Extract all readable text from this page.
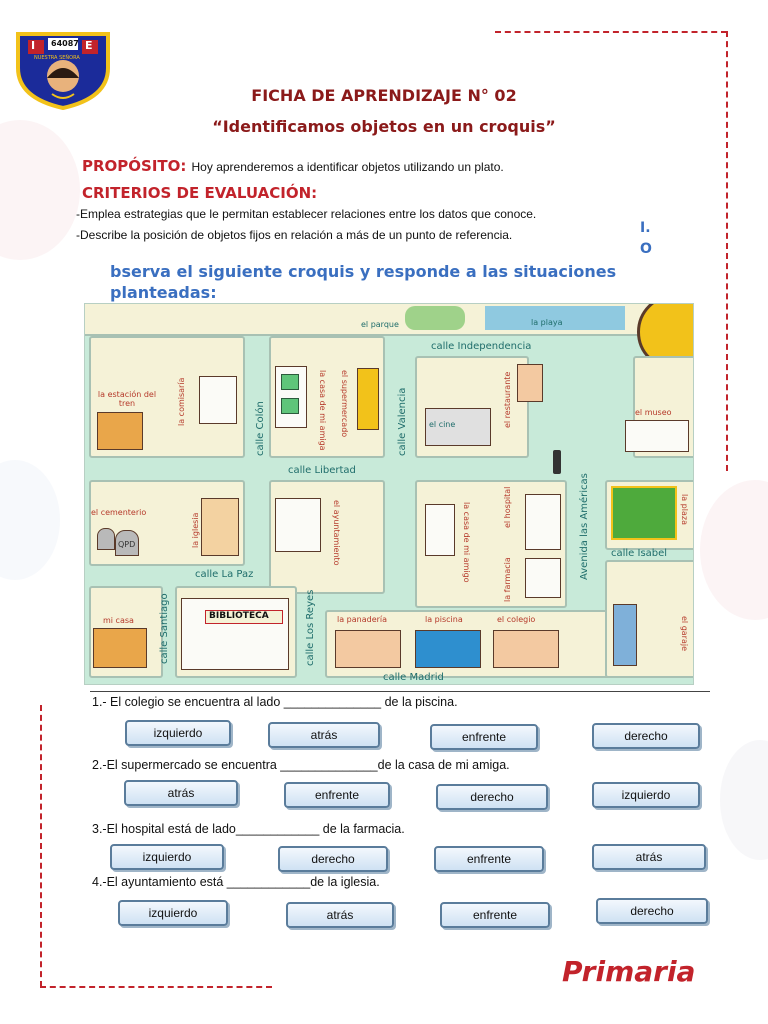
I	E
64087
NUESTRA SEÑORA
FICHA DE APRENDIZAJE N° 02
“Identificamos objetos en un croquis”
PROPÓSITO: Hoy aprenderemos a identificar objetos utilizando un plato.
CRITERIOS DE EVALUACIÓN:
-Emplea estrategias que le permitan establecer relaciones entre los datos que conoce.
-Describe la posición de objetos fijos en relación a más de un punto de referencia.	I.
O
bserva el siguiente croquis y responde a las situaciones
planteadas:
el parque	la playa
calle Independencia
calle Libertad
calle La Paz
calle Madrid
calle Isabel
calle Colón	calle Valencia
calle Santiago	calle Los Reyes
Avenida las Américas
la estación del tren	la comisaría	la casa de mi amiga el supermercado	el cine	el restaurante	el museo
el cementerio
QPD	la iglesia	el ayuntamiento	la casa de mi amigo	el hospital
la farmacia
la plaza
mi casa	BIBLIOTECA	la panadería	la piscina	el colegio	el garaje
1.- El colegio se encuentra al lado ______________ de la piscina.
izquierdo	atrás	enfrente	derecho
2.-El supermercado se encuentra ______________de la casa de mi amiga.
atrás	enfrente	derecho	izquierdo
3.-El hospital está de lado____________ de la farmacia.
izquierdo	derecho	enfrente	atrás
4.-El ayuntamiento está ____________de la iglesia.
izquierdo	atrás	enfrente	derecho
Primaria
